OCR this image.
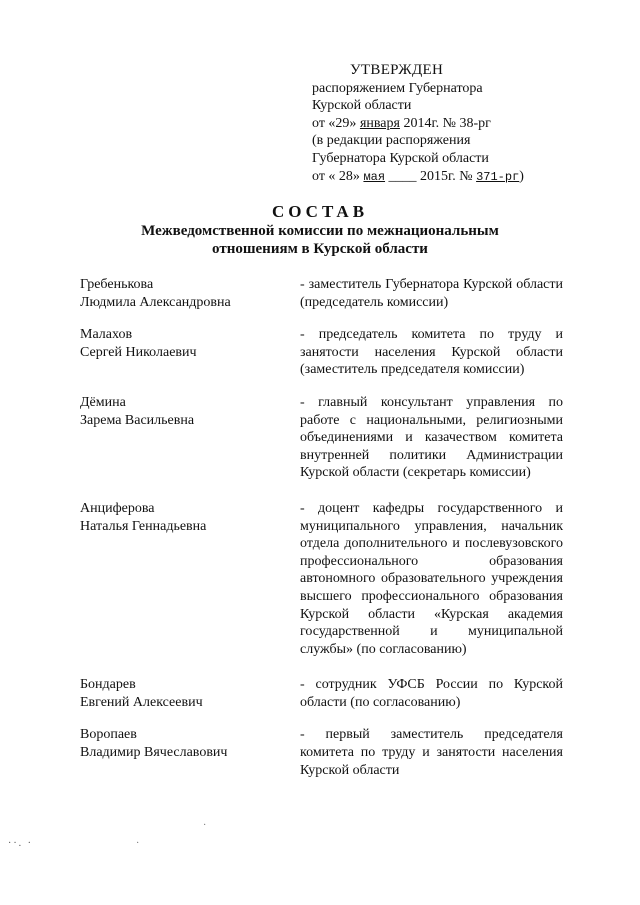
УТВЕРЖДЕН
распоряжением Губернатора
Курской области
от «29» января 2014г. № 38-рг
(в редакции распоряжения
Губернатора Курской области
от « 28» мая ____ 2015г. № 371-рг)
СОСТАВ
Межведомственной комиссии по межнациональным
отношениям в Курской области
Гребенькова
Людмила Александровна
- заместитель Губернатора Курской области (председатель комиссии)
Малахов
Сергей Николаевич
- председатель комитета по труду и занятости населения Курской области (заместитель председателя комиссии)
Дёмина
Зарема Васильевна
- главный консультант управления по работе с национальными, религиозными объединениями и казачеством комитета внутренней политики Администрации Курской области (секретарь комиссии)
Анциферова
Наталья Геннадьевна
- доцент кафедры государственного и муниципального управления, начальник отдела дополнительного и послевузовского профессионального образования автономного образовательного учреждения высшего профессионального образования Курской области «Курская академия государственной и муниципальной службы» (по согласованию)
Бондарев
Евгений Алексеевич
- сотрудник УФСБ России по Курской области (по согласованию)
Воропаев
Владимир Вячеславович
- первый заместитель председателя комитета по труду и занятости населения Курской области
··. ·	·
·
